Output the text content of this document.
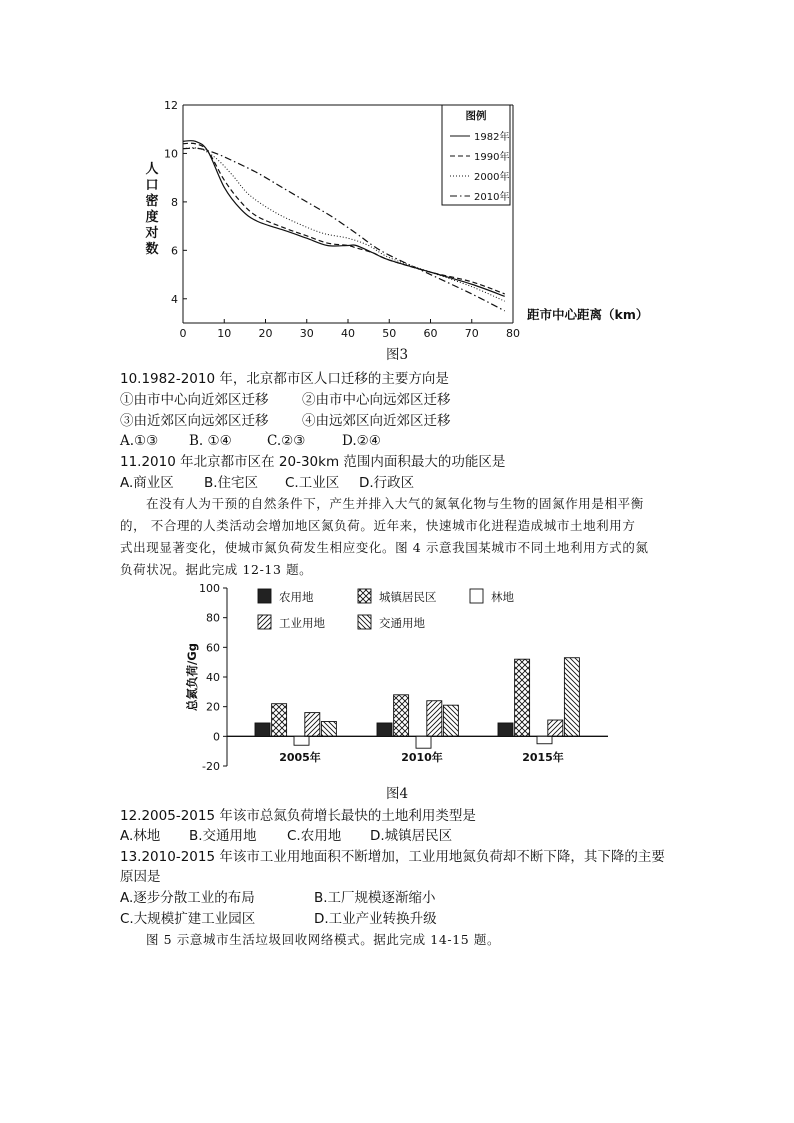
0	10 20 30 40 50 60 70 80
4
6
8
10
12
人
口
密
度
对
数
距市中心距离（km）
图例
1982年
1990年
2000年
2010年
图3
10.1982-2010 年，北京都市区人口迁移的主要方向是
①由市中心向近郊区迁移 ②由市中心向远郊区迁移
③由近郊区向远郊区迁移 ④由远郊区向近郊区迁移
A.①③ B. ①④	C.②③	D.②④
11.2010 年北京都市区在 20-30km 范围内面积最大的功能区是
A.商业区 B.住宅区 C.工业区 D.行政区
在没有人为干预的自然条件下，产生并排入大气的氮氧化物与生物的固氮作用是相平衡
的， 不合理的人类活动会增加地区氮负荷。近年来，快速城市化进程造成城市土地利用方
式出现显著变化，使城市氮负荷发生相应变化。图 4 示意我国某城市不同土地利用方式的氮
负荷状况。据此完成 12-13 题。
-20
0
20
40
60
80
100
总氮负荷/Gg
2005年	2010年	2015年
农用地	城镇居民区	林地
工业用地	交通用地
图4
12.2005-2015 年该市总氮负荷增长最快的土地利用类型是
A.林地 B.交通用地 C.农用地 D.城镇居民区
13.2010-2015 年该市工业用地面积不断增加，工业用地氮负荷却不断下降，其下降的主要
原因是
A.逐步分散工业的布局	B.工厂规模逐渐缩小
C.大规模扩建工业园区	D.工业产业转换升级
图 5 示意城市生活垃圾回收网络模式。据此完成 14-15 题。
